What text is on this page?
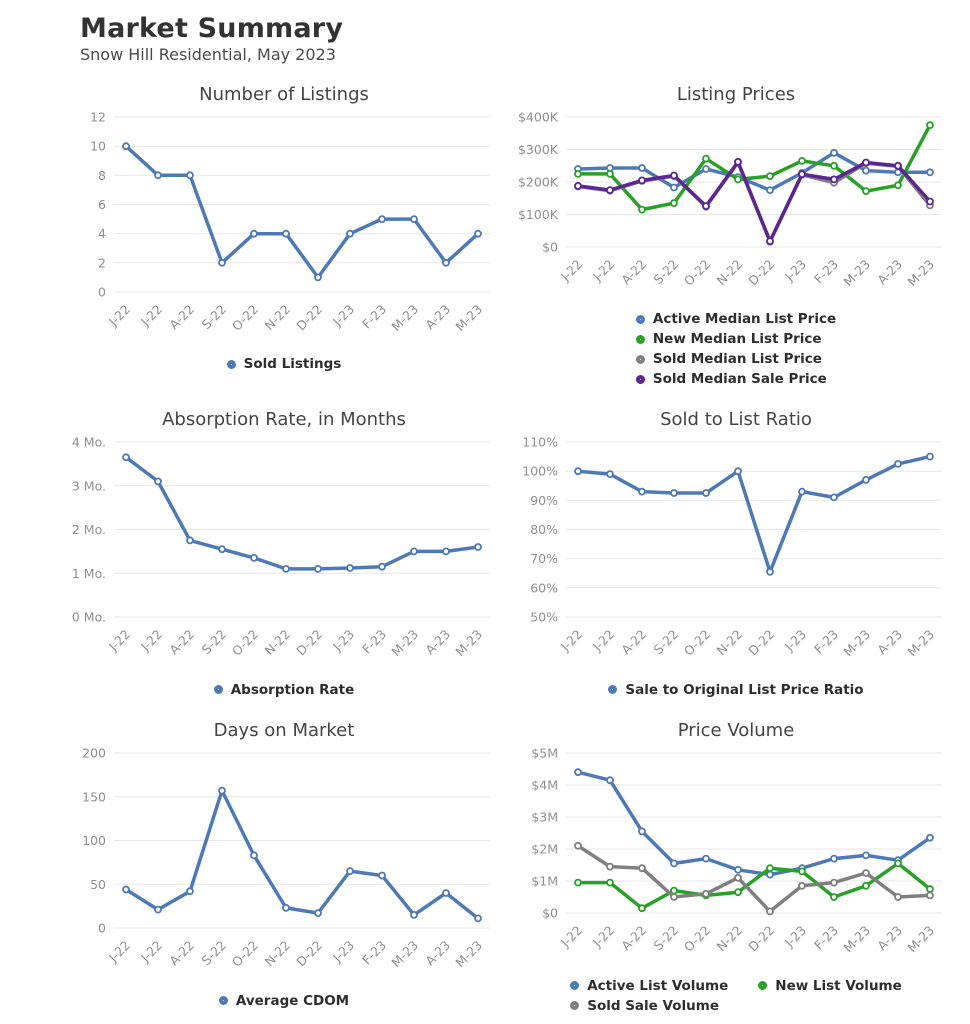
Market Summary
Snow Hill Residential, May 2023
Number of Listings
0
2
4
6
8
10
12
J-22 J-22 A-22 S-22 O-22 N-22 D-22 J-23 F-23 M-23 A-23 M-23
Sold Listings
Listing Prices
$0
$100K
$200K
$300K
$400K
J-22 J-22 A-22 S-22 O-22 N-22 D-22 J-23 F-23 M-23 A-23 M-23
Active Median List Price
New Median List Price
Sold Median List Price
Sold Median Sale Price
Absorption Rate, in Months
0 Mo.
1 Mo.
2 Mo.
3 Mo.
4 Mo.
J-22 J-22 A-22 S-22 O-22 N-22 D-22 J-23 F-23 M-23 A-23 M-23
Absorption Rate
Sold to List Ratio
50%
60%
70%
80%
90%
100%
110%
J-22 J-22 A-22 S-22 O-22 N-22 D-22 J-23 F-23 M-23 A-23 M-23
Sale to Original List Price Ratio
Days on Market
0
50
100
150
200
J-22 J-22 A-22 S-22 O-22 N-22 D-22 J-23 F-23 M-23 A-23 M-23
Average CDOM
Price Volume
$0
$1M
$2M
$3M
$4M
$5M
J-22 J-22 A-22 S-22 O-22 N-22 D-22 J-23 F-23 M-23 A-23 M-23
Active List Volume	New List Volume
Sold Sale Volume
